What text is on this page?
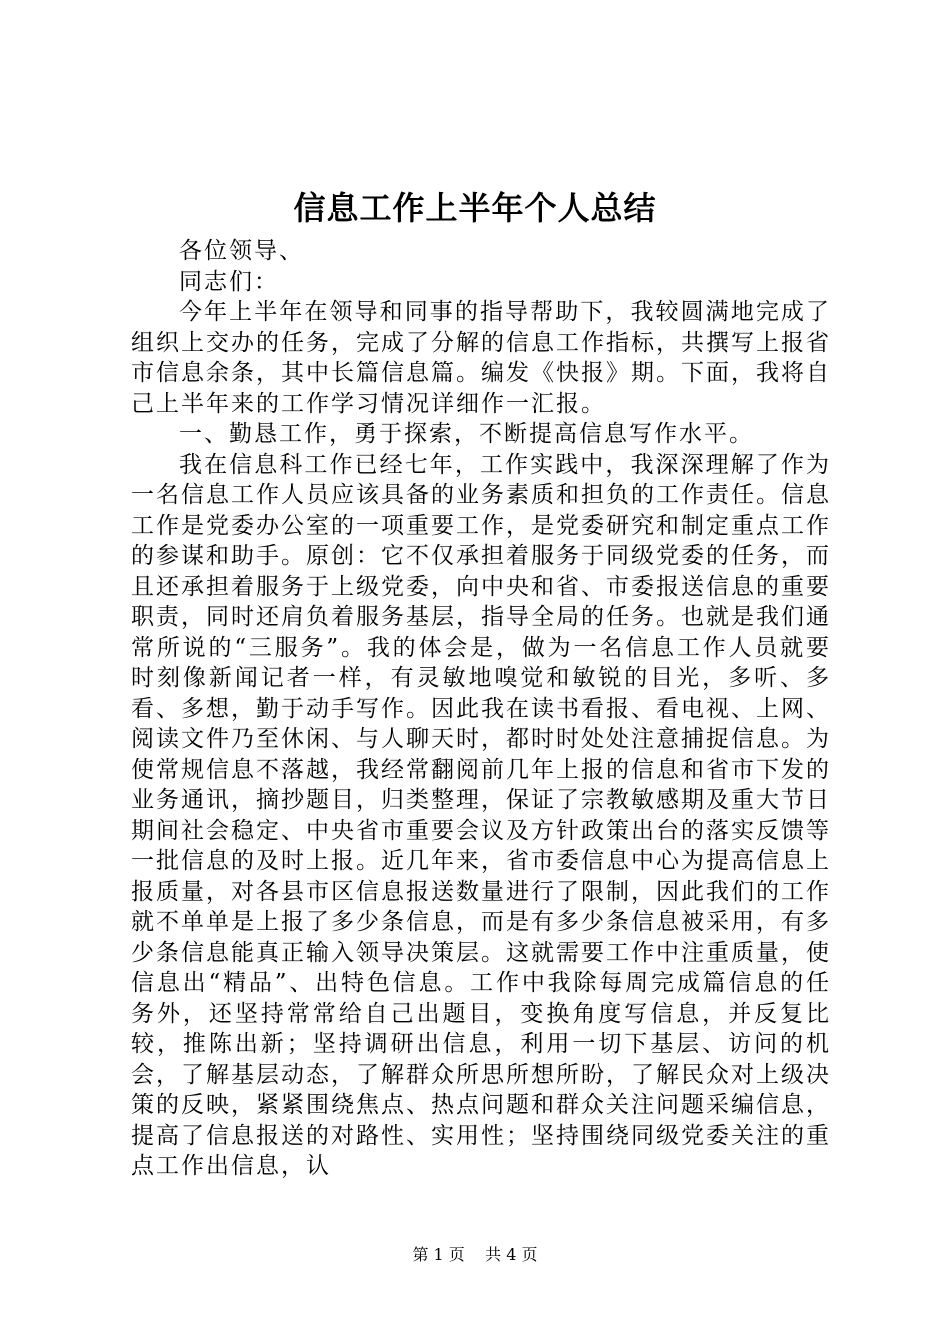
信息工作上半年个人总结

各位领导、

同志们：

今年上半年在领导和同事的指导帮助下，我较圆满地完成了组织上交办的任务，完成了分解的信息工作指标，共撰写上报省市信息余条，其中长篇信息篇。编发《快报》期。下面，我将自己上半年来的工作学习情况详细作一汇报。

一、勤恳工作，勇于探索，不断提高信息写作水平。

我在信息科工作已经七年，工作实践中，我深深理解了作为一名信息工作人员应该具备的业务素质和担负的工作责任。信息工作是党委办公室的一项重要工作，是党委研究和制定重点工作的参谋和助手。原创：它不仅承担着服务于同级党委的任务，而且还承担着服务于上级党委，向中央和省、市委报送信息的重要职责，同时还肩负着服务基层，指导全局的任务。也就是我们通常所说的“三服务”。我的体会是，做为一名信息工作人员就要时刻像新闻记者一样，有灵敏地嗅觉和敏锐的目光，多听、多看、多想，勤于动手写作。因此我在读书看报、看电视、上网、阅读文件乃至休闲、与人聊天时，都时时处处注意捕捉信息。为使常规信息不落越，我经常翻阅前几年上报的信息和省市下发的业务通讯，摘抄题目，归类整理，保证了宗教敏感期及重大节日期间社会稳定、中央省市重要会议及方针政策出台的落实反馈等一批信息的及时上报。近几年来，省市委信息中心为提高信息上报质量，对各县市区信息报送数量进行了限制，因此我们的工作就不单单是上报了多少条信息，而是有多少条信息被采用，有多少条信息能真正输入领导决策层。这就需要工作中注重质量，使信息出“精品”、出特色信息。工作中我除每周完成篇信息的任务外，还坚持常常给自己出题目，变换角度写信息，并反复比较，推陈出新；坚持调研出信息，利用一切下基层、访问的机会，了解基层动态，了解群众所思所想所盼，了解民众对上级决策的反映，紧紧围绕焦点、热点问题和群众关注问题采编信息，提高了信息报送的对路性、实用性；坚持围绕同级党委关注的重点工作出信息，认

第 1 页 共 4 页
